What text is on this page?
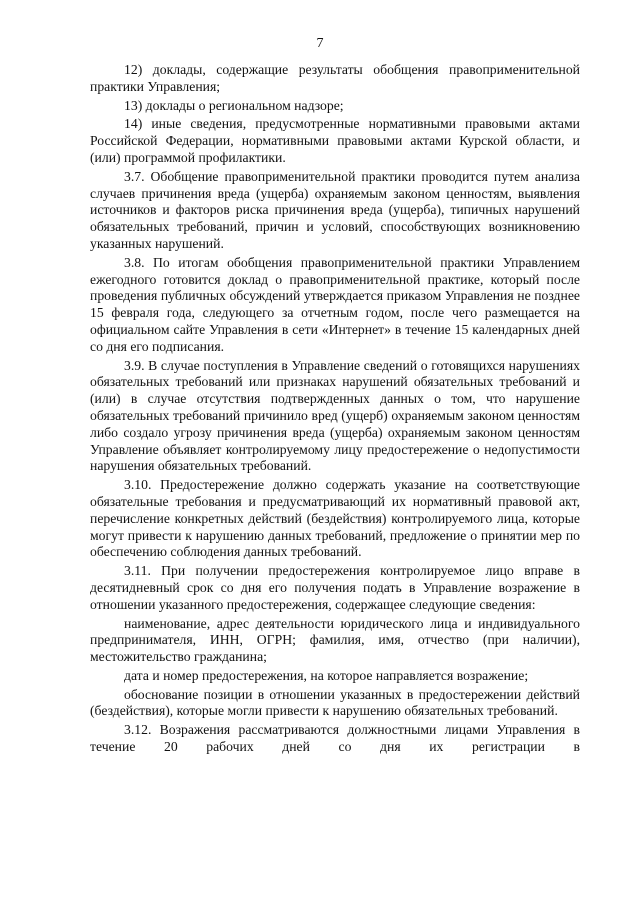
7

12) доклады, содержащие результаты обобщения правоприменительной практики Управления;

13) доклады о региональном надзоре;

14) иные сведения, предусмотренные нормативными правовыми актами Российской Федерации, нормативными правовыми актами Курской области, и (или) программой профилактики.

3.7. Обобщение правоприменительной практики проводится путем анализа случаев причинения вреда (ущерба) охраняемым законом ценностям, выявления источников и факторов риска причинения вреда (ущерба), типичных нарушений обязательных требований, причин и условий, способствующих возникновению указанных нарушений.

3.8. По итогам обобщения правоприменительной практики Управлением ежегодного готовится доклад о правоприменительной практике, который после проведения публичных обсуждений утверждается приказом Управления не позднее 15 февраля года, следующего за отчетным годом, после чего размещается на официальном сайте Управления в сети «Интернет» в течение 15 календарных дней со дня его подписания.

3.9. В случае поступления в Управление сведений о готовящихся нарушениях обязательных требований или признаках нарушений обязательных требований и (или) в случае отсутствия подтвержденных данных о том, что нарушение обязательных требований причинило вред (ущерб) охраняемым законом ценностям либо создало угрозу причинения вреда (ущерба) охраняемым законом ценностям Управление объявляет контролируемому лицу предостережение о недопустимости нарушения обязательных требований.

3.10. Предостережение должно содержать указание на соответствующие обязательные требования и предусматривающий их нормативный правовой акт, перечисление конкретных действий (бездействия) контролируемого лица, которые могут привести к нарушению данных требований, предложение о принятии мер по обеспечению соблюдения данных требований.

3.11. При получении предостережения контролируемое лицо вправе в десятидневный срок со дня его получения подать в Управление возражение в отношении указанного предостережения, содержащее следующие сведения:

наименование, адрес деятельности юридического лица и индивидуального предпринимателя, ИНН, ОГРН; фамилия, имя, отчество (при наличии), местожительство гражданина;

дата и номер предостережения, на которое направляется возражение;

обоснование позиции в отношении указанных в предостережении действий (бездействия), которые могли привести к нарушению обязательных требований.

3.12. Возражения рассматриваются должностными лицами Управления в течение 20 рабочих дней со дня их регистрации в
